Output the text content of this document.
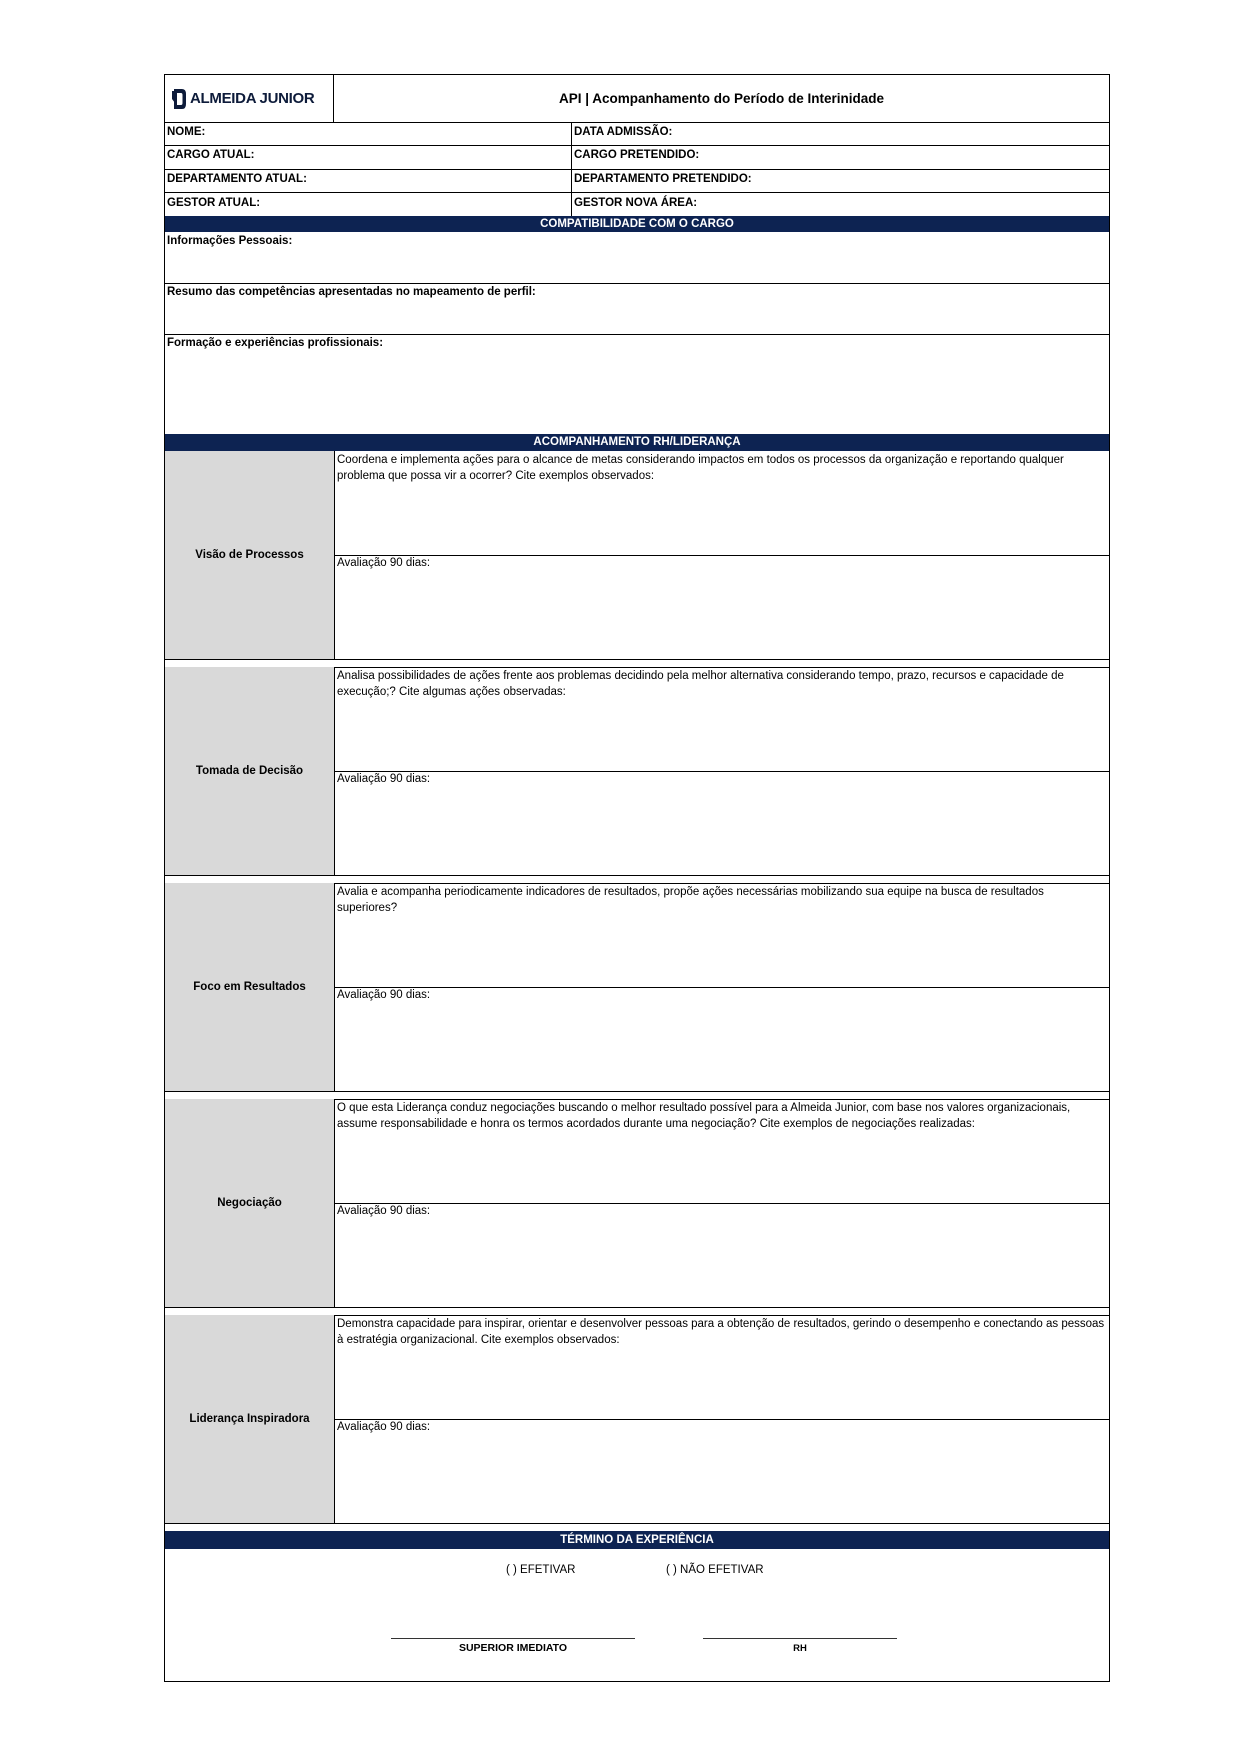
ALMEIDA JUNIOR	API | Acompanhamento do Período de Interinidade
NOME:	DATA ADMISSÃO:
CARGO ATUAL:	CARGO PRETENDIDO:
DEPARTAMENTO ATUAL:	DEPARTAMENTO PRETENDIDO:
GESTOR ATUAL:	GESTOR NOVA ÁREA:
COMPATIBILIDADE COM O CARGO
Informações Pessoais:
Resumo das competências apresentadas no mapeamento de perfil:
Formação e experiências profissionais:
ACOMPANHAMENTO RH/LIDERANÇA
Visão de Processos
Coordena e implementa ações para o alcance de metas considerando impactos em todos os processos da organização e reportando qualquer problema que possa vir a ocorrer? Cite exemplos observados:
Avaliação 90 dias:
Tomada de Decisão
Analisa possibilidades de ações frente aos problemas decidindo pela melhor alternativa considerando tempo, prazo, recursos e capacidade de execução;? Cite algumas ações observadas:
Avaliação 90 dias:
Foco em Resultados
Avalia e acompanha periodicamente indicadores de resultados, propõe ações necessárias mobilizando sua equipe na busca de resultados superiores?
Avaliação 90 dias:
Negociação
O que esta Liderança conduz negociações buscando o melhor resultado possível para a Almeida Junior, com base nos valores organizacionais, assume responsabilidade e honra os termos acordados durante uma negociação? Cite exemplos de negociações realizadas:
Avaliação 90 dias:
Liderança Inspiradora
Demonstra capacidade para inspirar, orientar e desenvolver pessoas para a obtenção de resultados, gerindo o desempenho e conectando as pessoas à estratégia organizacional. Cite exemplos observados:
Avaliação 90 dias:
TÉRMINO DA EXPERIÊNCIA
( ) EFETIVAR	( ) NÃO EFETIVAR
SUPERIOR IMEDIATO	RH
